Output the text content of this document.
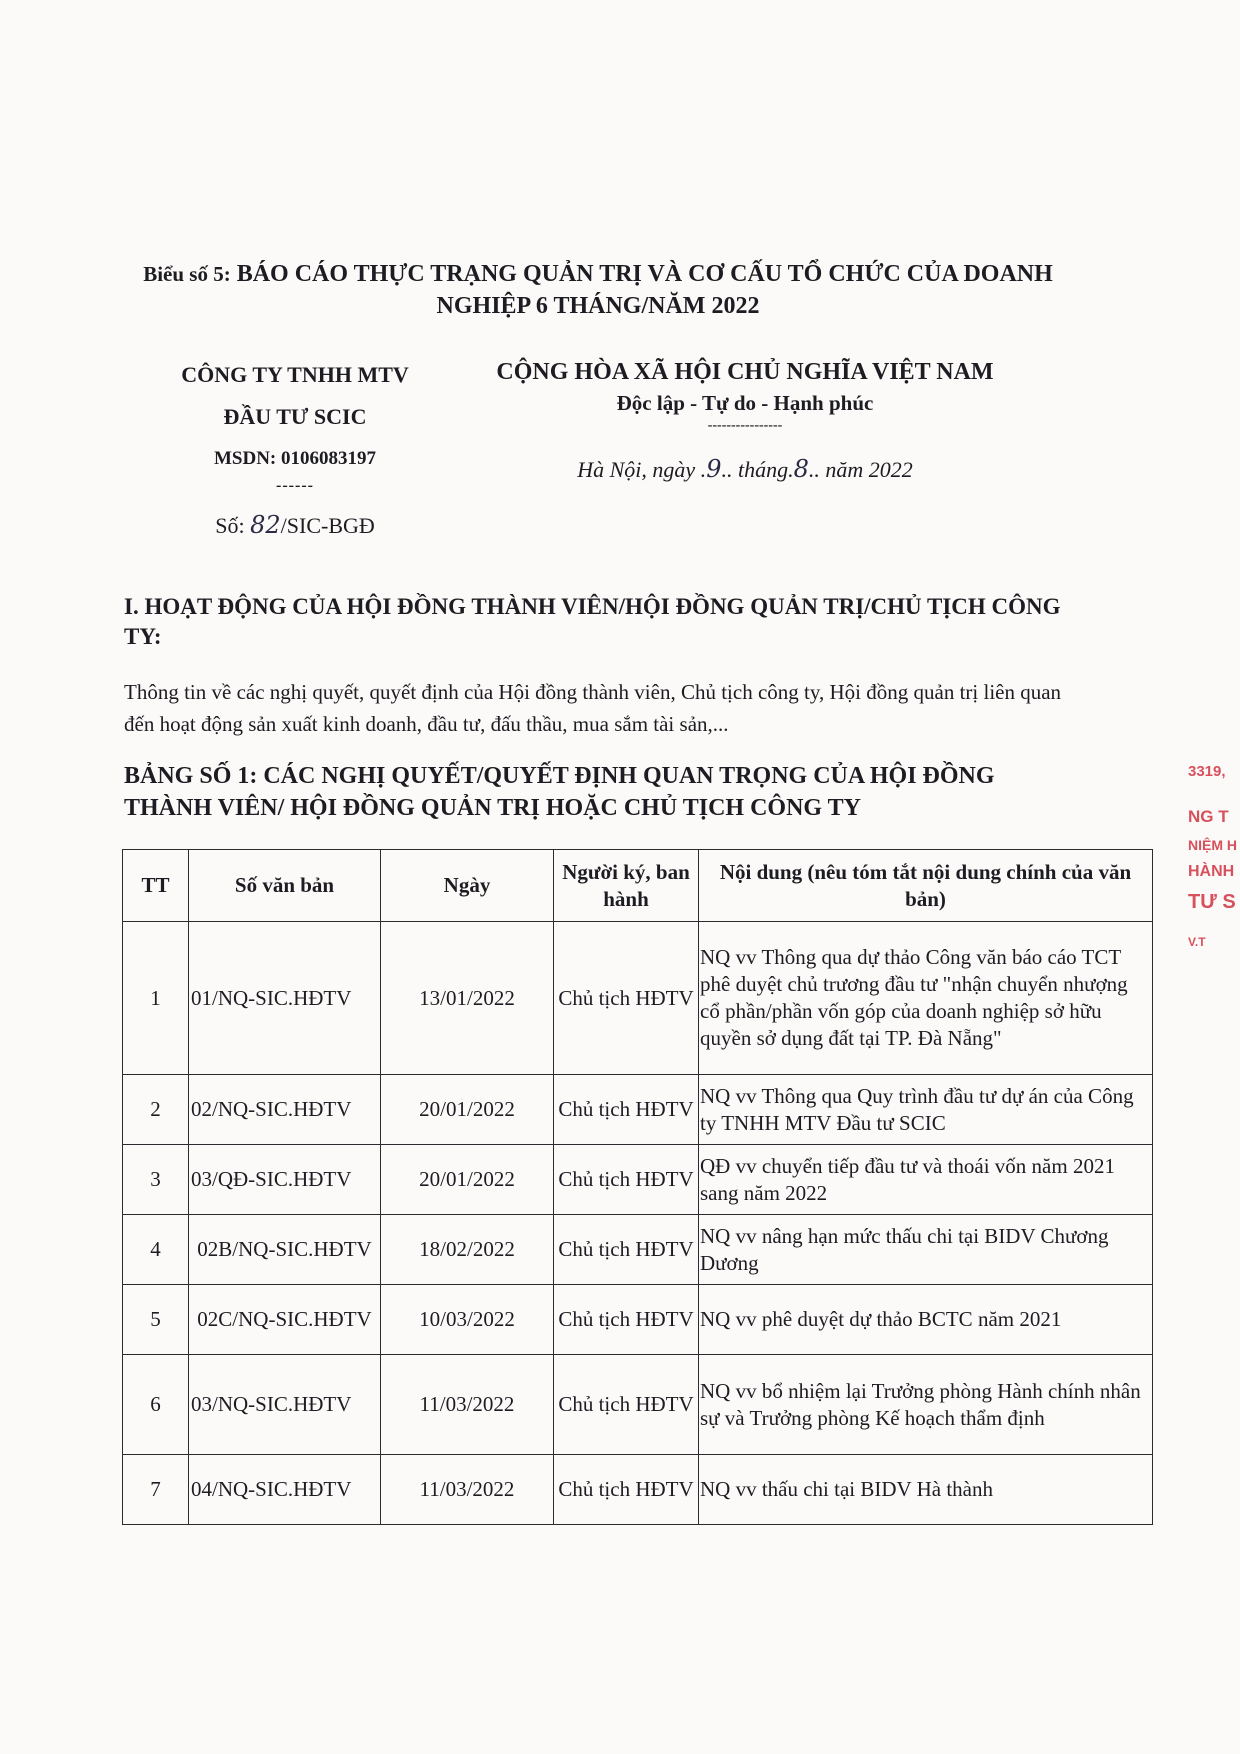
Biểu số 5: BÁO CÁO THỰC TRẠNG QUẢN TRỊ VÀ CƠ CẤU TỔ CHỨC CỦA DOANH NGHIỆP 6 THÁNG/NĂM 2022
CÔNG TY TNHH MTV
ĐẦU TƯ SCIC
MSDN: 0106083197
------
Số: 82/SIC-BGĐ
CỘNG HÒA XÃ HỘI CHỦ NGHĨA VIỆT NAM
Độc lập - Tự do - Hạnh phúc
----------------
Hà Nội, ngày .9.. tháng.8.. năm 2022
I. HOẠT ĐỘNG CỦA HỘI ĐỒNG THÀNH VIÊN/HỘI ĐỒNG QUẢN TRỊ/CHỦ TỊCH CÔNG TY:
Thông tin về các nghị quyết, quyết định của Hội đồng thành viên, Chủ tịch công ty, Hội đồng quản trị liên quan đến hoạt động sản xuất kinh doanh, đầu tư, đấu thầu, mua sắm tài sản,...
BẢNG SỐ 1: CÁC NGHỊ QUYẾT/QUYẾT ĐỊNH QUAN TRỌNG CỦA HỘI ĐỒNG THÀNH VIÊN/ HỘI ĐỒNG QUẢN TRỊ HOẶC CHỦ TỊCH CÔNG TY
TT	Số văn bản	Ngày	Người ký, ban hành	Nội dung (nêu tóm tắt nội dung chính của văn bản)
1	01/NQ-SIC.HĐTV	13/01/2022	Chủ tịch HĐTV	NQ vv Thông qua dự thảo Công văn báo cáo TCT phê duyệt chủ trương đầu tư "nhận chuyển nhượng cổ phần/phần vốn góp của doanh nghiệp sở hữu quyền sở dụng đất tại TP. Đà Nẵng"
2	02/NQ-SIC.HĐTV	20/01/2022	Chủ tịch HĐTV	NQ vv Thông qua Quy trình đầu tư dự án của Công ty TNHH MTV Đầu tư SCIC
3	03/QĐ-SIC.HĐTV	20/01/2022	Chủ tịch HĐTV	QĐ vv chuyển tiếp đầu tư và thoái vốn năm 2021 sang năm 2022
4	02B/NQ-SIC.HĐTV	18/02/2022	Chủ tịch HĐTV	NQ vv nâng hạn mức thấu chi tại BIDV Chương Dương
5	02C/NQ-SIC.HĐTV	10/03/2022	Chủ tịch HĐTV	NQ vv phê duyệt dự thảo BCTC năm 2021
6	03/NQ-SIC.HĐTV	11/03/2022	Chủ tịch HĐTV	NQ vv bổ nhiệm lại Trưởng phòng Hành chính nhân sự và Trưởng phòng Kế hoạch thẩm định
7	04/NQ-SIC.HĐTV	11/03/2022	Chủ tịch HĐTV	NQ vv thấu chi tại BIDV Hà thành
3319,
NG T
NIỆM H
HÀNH
TƯ S
V.T
